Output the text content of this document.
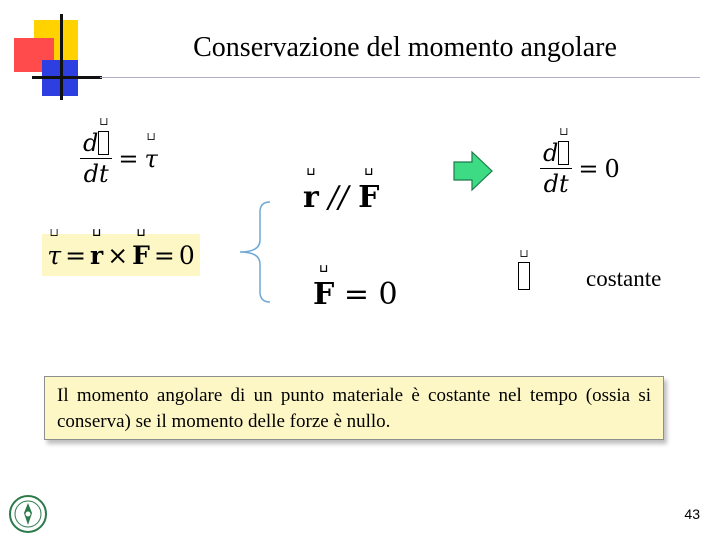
Conservazione del momento angolare
d
⊔
dt =
⊔
τ
⊔
τ =
⊔
r ×
⊔
F = 0
⊔
r //
⊔
F
⊔
F = 0
d
⊔
dt = 0
⊔
costante
Il momento angolare di un punto materiale è costante nel tempo (ossia si conserva) se il momento delle forze è nullo.
43
